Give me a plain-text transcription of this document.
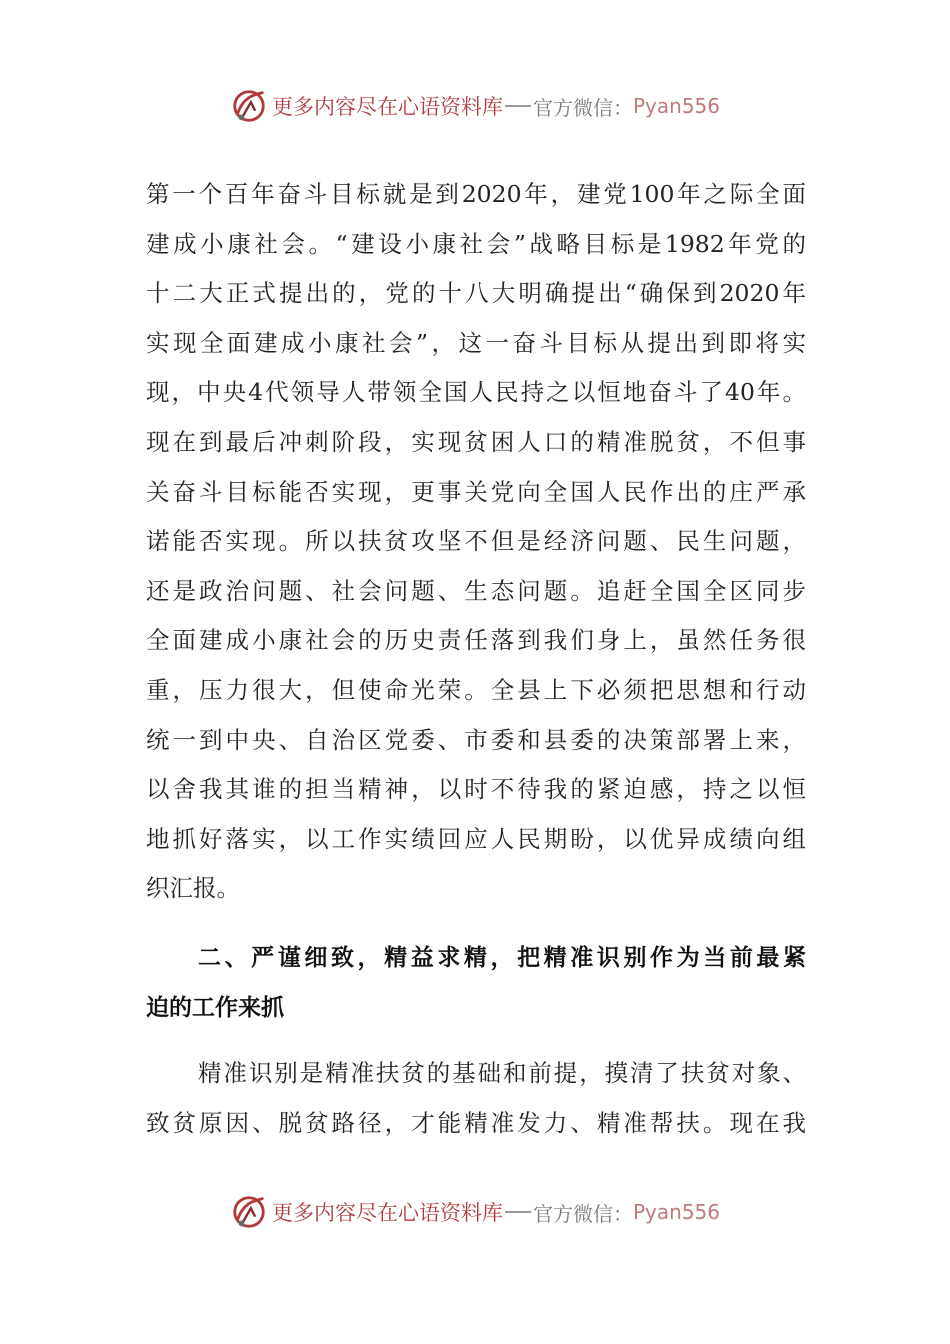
更多内容尽在心语资料库 官方微信： Pyan556
第一个百年奋斗目标就是到2020年，建党100年之际全面
建成小康社会。“建设小康社会”战略目标是1982年党的
十二大正式提出的，党的十八大明确提出“确保到2020年
实现全面建成小康社会”，这一奋斗目标从提出到即将实
现，中央4代领导人带领全国人民持之以恒地奋斗了40年。
现在到最后冲刺阶段，实现贫困人口的精准脱贫，不但事
关奋斗目标能否实现，更事关党向全国人民作出的庄严承
诺能否实现。所以扶贫攻坚不但是经济问题、民生问题，
还是政治问题、社会问题、生态问题。追赶全国全区同步
全面建成小康社会的历史责任落到我们身上，虽然任务很
重，压力很大，但使命光荣。全县上下必须把思想和行动
统一到中央、自治区党委、市委和县委的决策部署上来，
以舍我其谁的担当精神，以时不待我的紧迫感，持之以恒
地抓好落实，以工作实绩回应人民期盼，以优异成绩向组
织汇报。
二、严谨细致，精益求精，把精准识别作为当前最紧
迫的工作来抓
精准识别是精准扶贫的基础和前提，摸清了扶贫对象、
致贫原因、脱贫路径，才能精准发力、精准帮扶。现在我
更多内容尽在心语资料库 官方微信： Pyan556
